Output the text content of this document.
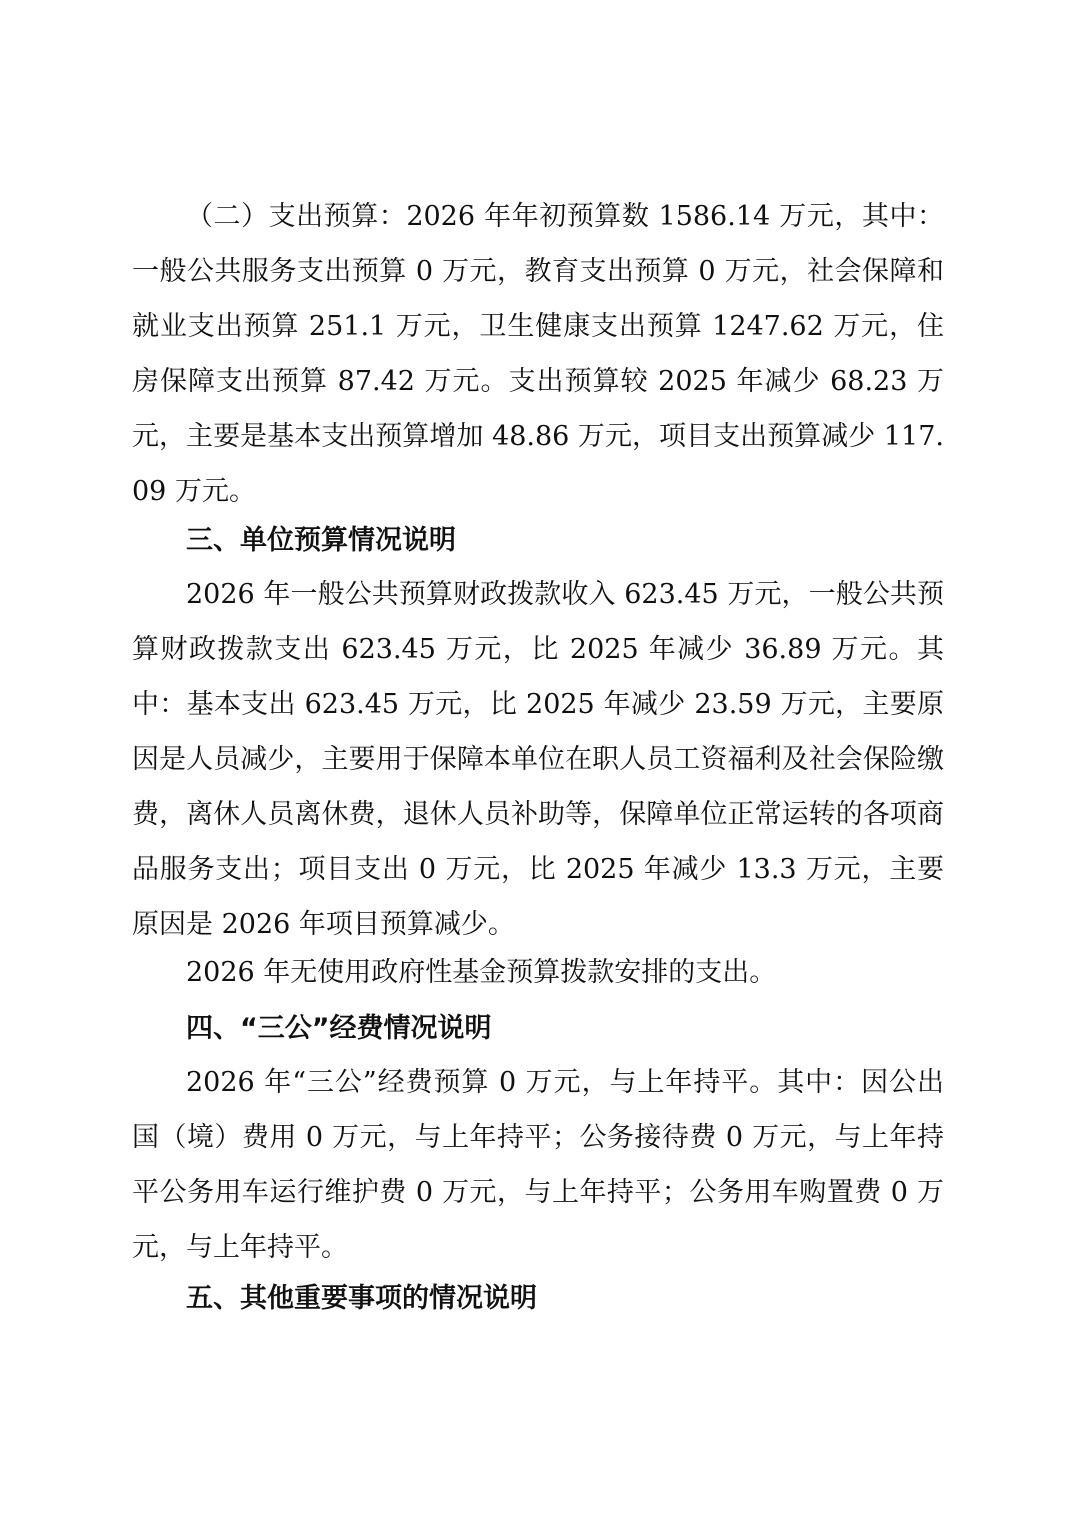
（二）支出预算：2026 年年初预算数 1586.14 万元，其中：一般公共服务支出预算 0 万元，教育支出预算 0 万元，社会保障和就业支出预算 251.1 万元，卫生健康支出预算 1247.62 万元，住房保障支出预算 87.42 万元。支出预算较 2025 年减少 68.23 万元，主要是基本支出预算增加 48.86 万元，项目支出预算减少 117.09 万元。

三、单位预算情况说明

2026 年一般公共预算财政拨款收入 623.45 万元，一般公共预算财政拨款支出 623.45 万元，比 2025 年减少 36.89 万元。其中：基本支出 623.45 万元，比 2025 年减少 23.59 万元，主要原因是人员减少，主要用于保障本单位在职人员工资福利及社会保险缴费，离休人员离休费，退休人员补助等，保障单位正常运转的各项商品服务支出；项目支出 0 万元，比 2025 年减少 13.3 万元，主要原因是 2026 年项目预算减少。

2026 年无使用政府性基金预算拨款安排的支出。

四、“三公”经费情况说明

2026 年“三公”经费预算 0 万元，与上年持平。其中：因公出国（境）费用 0 万元，与上年持平；公务接待费 0 万元，与上年持平公务用车运行维护费 0 万元，与上年持平；公务用车购置费 0 万元，与上年持平。

五、其他重要事项的情况说明
